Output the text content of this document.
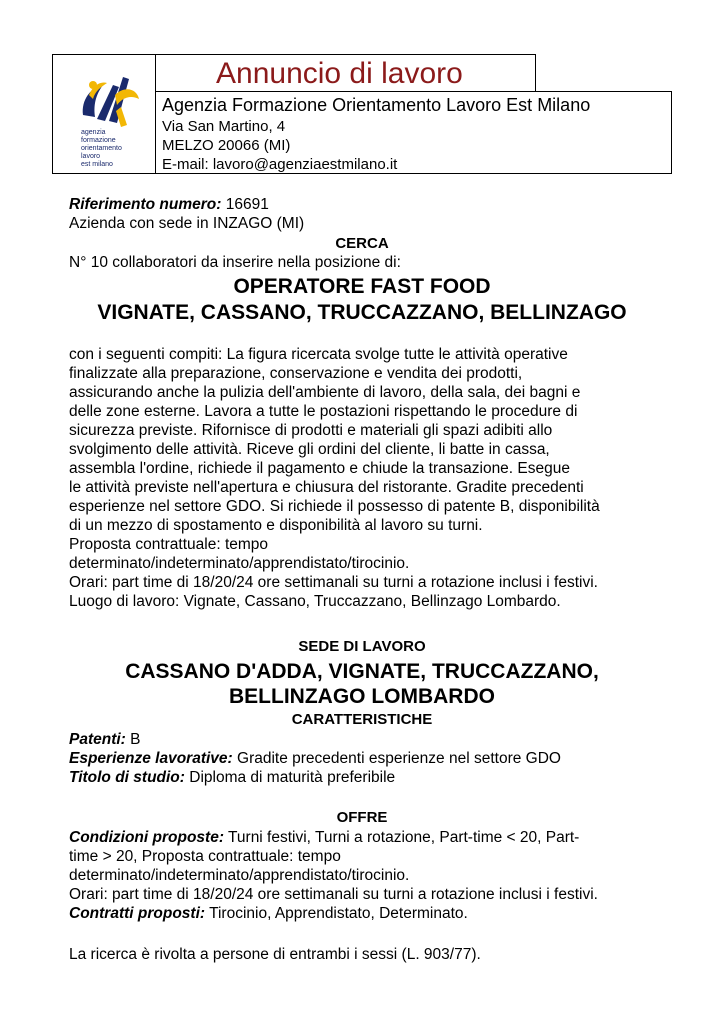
agenzia
formazione
orientamento
lavoro
est milano
Annuncio di lavoro
Agenzia Formazione Orientamento Lavoro Est Milano
Via San Martino, 4
MELZO 20066 (MI)
E-mail: lavoro@agenziaestmilano.it
Riferimento numero: 16691
Azienda con sede in INZAGO (MI)
CERCA
N° 10 collaboratori da inserire nella posizione di:
OPERATORE FAST FOOD
VIGNATE, CASSANO, TRUCCAZZANO, BELLINZAGO
con i seguenti compiti: La figura ricercata svolge tutte le attività operative
finalizzate alla preparazione, conservazione e vendita dei prodotti,
assicurando anche la pulizia dell'ambiente di lavoro, della sala, dei bagni e
delle zone esterne. Lavora a tutte le postazioni rispettando le procedure di
sicurezza previste. Rifornisce di prodotti e materiali gli spazi adibiti allo
svolgimento delle attività. Riceve gli ordini del cliente, li batte in cassa,
assembla l'ordine, richiede il pagamento e chiude la transazione. Esegue
le attività previste nell'apertura e chiusura del ristorante. Gradite precedenti
esperienze nel settore GDO. Si richiede il possesso di patente B, disponibilità
di un mezzo di spostamento e disponibilità al lavoro su turni.
Proposta contrattuale: tempo
determinato/indeterminato/apprendistato/tirocinio.
Orari: part time di 18/20/24 ore settimanali su turni a rotazione inclusi i festivi.
Luogo di lavoro: Vignate, Cassano, Truccazzano, Bellinzago Lombardo.
SEDE DI LAVORO
CASSANO D'ADDA, VIGNATE, TRUCCAZZANO,
BELLINZAGO LOMBARDO
CARATTERISTICHE
Patenti: B
Esperienze lavorative: Gradite precedenti esperienze nel settore GDO
Titolo di studio: Diploma di maturità preferibile
OFFRE
Condizioni proposte: Turni festivi, Turni a rotazione, Part-time < 20, Part-
time > 20, Proposta contrattuale: tempo
determinato/indeterminato/apprendistato/tirocinio.
Orari: part time di 18/20/24 ore settimanali su turni a rotazione inclusi i festivi.
Contratti proposti: Tirocinio, Apprendistato, Determinato.
La ricerca è rivolta a persone di entrambi i sessi (L. 903/77).
